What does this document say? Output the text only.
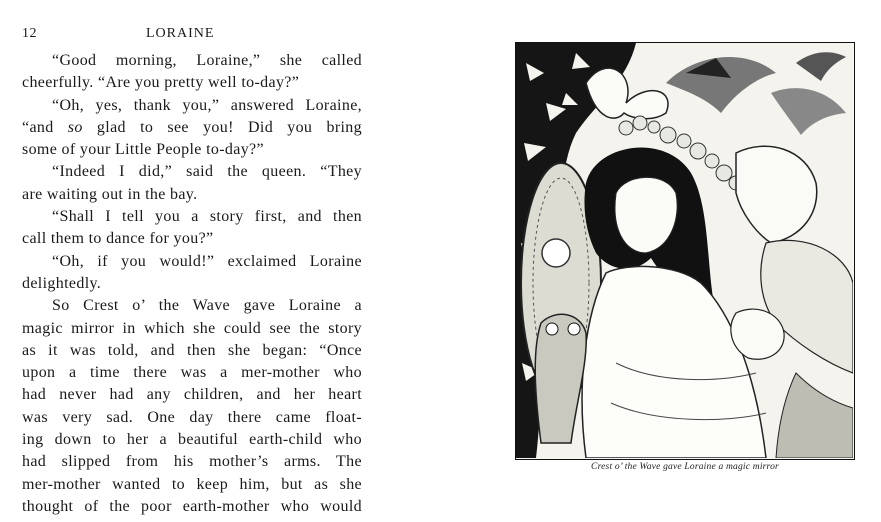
12	LORAINE
“Good morning, Loraine,” she called
cheerfully. “Are you pretty well to-day?”
“Oh, yes, thank you,” answered Loraine,
“and so glad to see you! Did you bring
some of your Little People to-day?”
“Indeed I did,” said the queen. “They
are waiting out in the bay.
“Shall I tell you a story first, and then
call them to dance for you?”
“Oh, if you would!” exclaimed Loraine
delightedly.
So Crest o’ the Wave gave Loraine a
magic mirror in which she could see the story
as it was told, and then she began: “Once
upon a time there was a mer-mother who
had never had any children, and her heart
was very sad. One day there came float-
ing down to her a beautiful earth-child who
had slipped from his mother’s arms. The
mer-mother wanted to keep him, but as she
thought of the poor earth-mother who would
Crest o’ the Wave gave Loraine a magic mirror
